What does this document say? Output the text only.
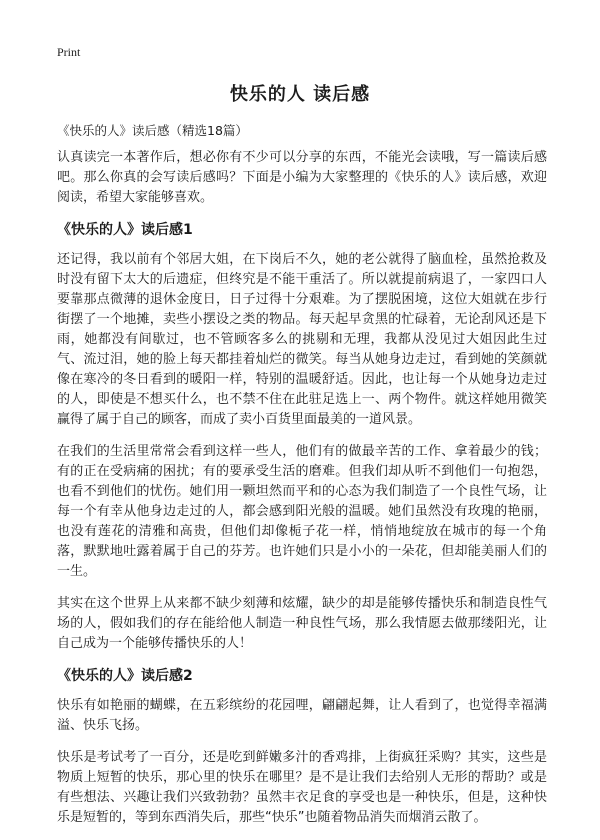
Print
快乐的人 读后感
《快乐的人》读后感（精选18篇）

认真读完一本著作后，想必你有不少可以分享的东西，不能光会读哦，写一篇读后感吧。那么你真的会写读后感吗？下面是小编为大家整理的《快乐的人》读后感，欢迎阅读，希望大家能够喜欢。

《快乐的人》读后感1

还记得，我以前有个邻居大姐，在下岗后不久，她的老公就得了脑血栓，虽然抢救及时没有留下太大的后遗症，但终究是不能干重活了。所以就提前病退了，一家四口人要靠那点微薄的退休金度日，日子过得十分艰难。为了摆脱困境，这位大姐就在步行街摆了一个地摊，卖些小摆设之类的物品。每天起早贪黑的忙碌着，无论刮风还是下雨，她都没有间歇过，也不管顾客多么的挑剔和无理，我都从没见过大姐因此生过气、流过泪，她的脸上每天都挂着灿烂的微笑。每当从她身边走过，看到她的笑颜就像在寒冷的冬日看到的暖阳一样，特别的温暖舒适。因此，也让每一个从她身边走过的人，即使是不想买什么，也不禁不住在此驻足选上一、两个物件。就这样她用微笑赢得了属于自己的顾客，而成了卖小百货里面最美的一道风景。

在我们的生活里常常会看到这样一些人，他们有的做最辛苦的工作、拿着最少的钱；有的正在受病痛的困扰；有的要承受生活的磨难。但我们却从听不到他们一句抱怨，也看不到他们的忧伤。她们用一颗坦然而平和的心态为我们制造了一个良性气场，让每一个有幸从他身边走过的人，都会感到阳光般的温暖。她们虽然没有玫瑰的艳丽，也没有莲花的清雅和高贵，但他们却像栀子花一样，悄悄地绽放在城市的每一个角落，默默地吐露着属于自己的芬芳。也许她们只是小小的一朵花，但却能美丽人们的一生。

其实在这个世界上从来都不缺少刻薄和炫耀，缺少的却是能够传播快乐和制造良性气场的人，假如我们的存在能给他人制造一种良性气场，那么我情愿去做那缕阳光，让自己成为一个能够传播快乐的人！

《快乐的人》读后感2

快乐有如艳丽的蝴蝶，在五彩缤纷的花园哩，翩翩起舞，让人看到了，也觉得幸福满溢、快乐飞扬。

快乐是考试考了一百分，还是吃到鲜嫩多汁的香鸡排，上街疯狂采购？其实，这些是物质上短暂的快乐，那心里的快乐在哪里？是不是让我们去给别人无形的帮助？或是有些想法、兴趣让我们兴致勃勃？虽然丰衣足食的享受也是一种快乐，但是，这种快乐是短暂的，等到东西消失后，那些“快乐”也随着物品消失而烟消云散了。
